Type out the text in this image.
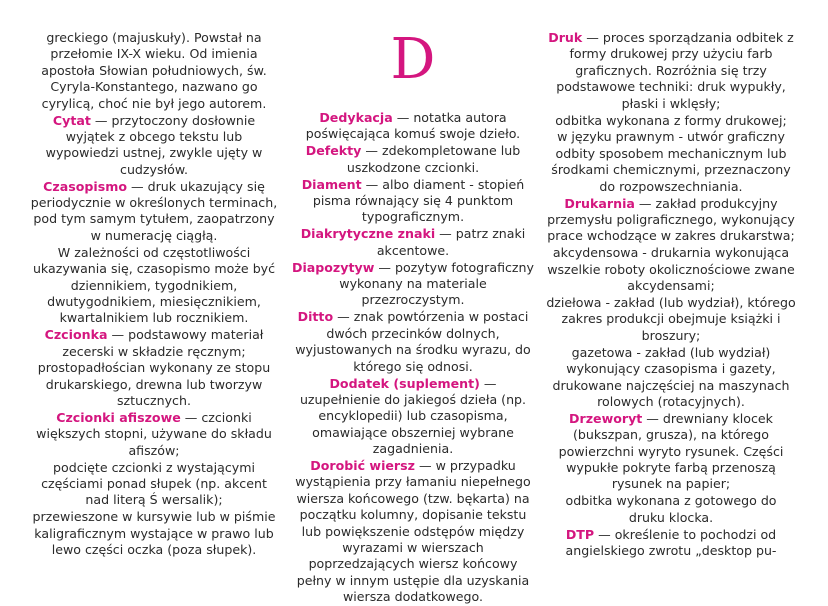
greckiego (majuskuły). Powstał na przełomie IX-X wieku. Od imienia apostoła Słowian południowych, św. Cyryla-Konstantego, nazwano go cyrylicą, choć nie był jego autorem.

Cytat — przytoczony dosłownie wyjątek z obcego tekstu lub wypowiedzi ustnej, zwykle ujęty w cudzysłów.

Czasopismo — druk ukazujący się periodycznie w określonych terminach, pod tym samym tytułem, zaopatrzony w numerację ciągłą.

W zależności od częstotliwości ukazywania się, czasopismo może być dziennikiem, tygodnikiem, dwutygodnikiem, miesięcznikiem, kwartalnikiem lub rocznikiem.

Czcionka — podstawowy materiał zecerski w składzie ręcznym; prostopadłościan wykonany ze stopu drukarskiego, drewna lub tworzyw sztucznych.

Czcionki afiszowe — czcionki większych stopni, używane do składu afiszów;

podcięte czcionki z wystającymi częściami ponad słupek (np. akcent nad literą Ś wersalik);

przewieszone w kursywie lub w piśmie kaligraficznym wystające w prawo lub lewo części oczka (poza słupek).

D

Dedykacja — notatka autora poświęcająca komuś swoje dzieło.

Defekty — zdekompletowane lub uszkodzone czcionki.

Diament — albo diament - stopień pisma równający się 4 punktom typograficznym.

Diakrytyczne znaki — patrz znaki akcentowe.

Diapozytyw — pozytyw fotograficzny wykonany na materiale przezroczystym.

Ditto — znak powtórzenia w postaci dwóch przecinków dolnych, wyjustowanych na środku wyrazu, do którego się odnosi.

Dodatek (suplement) — uzupełnienie do jakiegoś dzieła (np. encyklopedii) lub czasopisma, omawiające obszerniej wybrane zagadnienia.

Dorobić wiersz — w przypadku wystąpienia przy łamaniu niepełnego wiersza końcowego (tzw. bękarta) na początku kolumny, dopisanie tekstu lub powiększenie odstępów między wyrazami w wierszach poprzedzających wiersz końcowy pełny w innym ustępie dla uzyskania wiersza dodatkowego.

Druk — proces sporządzania odbitek z formy drukowej przy użyciu farb graficznych. Rozróżnia się trzy podstawowe techniki: druk wypukły, płaski i wklęsły;

odbitka wykonana z formy drukowej;

w języku prawnym - utwór graficzny odbity sposobem mechanicznym lub środkami chemicznymi, przeznaczony do rozpowszechniania.

Drukarnia — zakład produkcyjny przemysłu poligraficznego, wykonujący prace wchodzące w zakres drukarstwa;

akcydensowa - drukarnia wykonująca wszelkie roboty okolicznościowe zwane akcydensami;

dziełowa - zakład (lub wydział), którego zakres produkcji obejmuje książki i broszury;

gazetowa - zakład (lub wydział) wykonujący czasopisma i gazety, drukowane najczęściej na maszynach rolowych (rotacyjnych).

Drzeworyt — drewniany klocek (bukszpan, grusza), na którego powierzchni wyryto rysunek. Części wypukłe pokryte farbą przenoszą rysunek na papier;

odbitka wykonana z gotowego do druku klocka.

DTP — określenie to pochodzi od angielskiego zwrotu „desktop pu-
